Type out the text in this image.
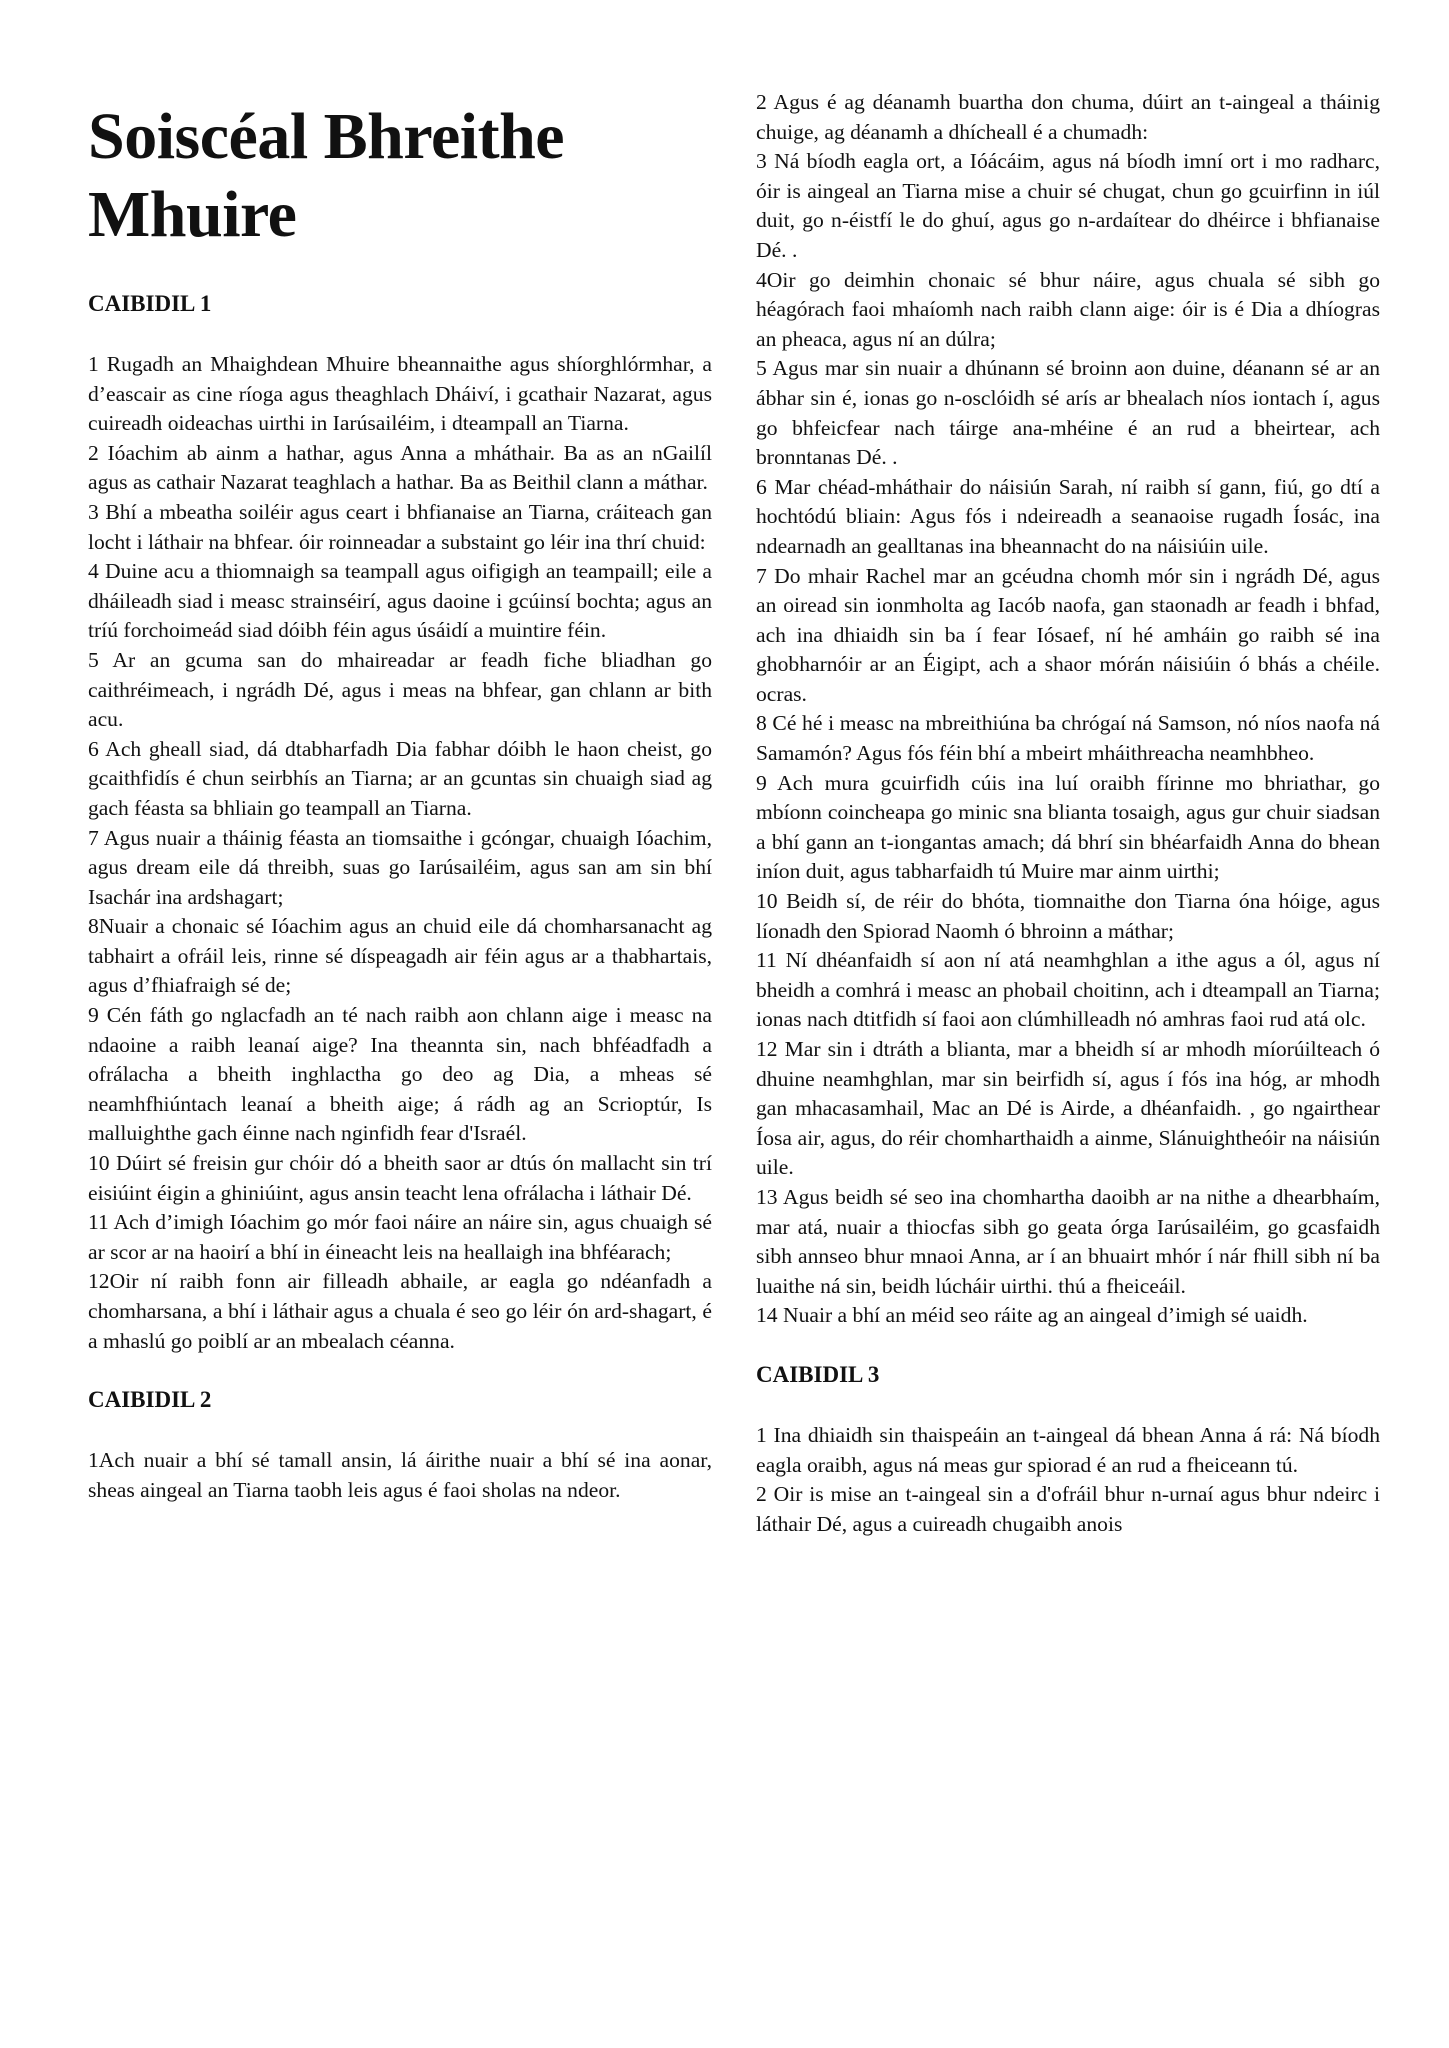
Soiscéal Bhreithe Mhuire
CAIBIDIL 1

1 Rugadh an Mhaighdean Mhuire bheannaithe agus shíorghlórmhar, a d’eascair as cine ríoga agus theaghlach Dháiví, i gcathair Nazarat, agus cuireadh oideachas uirthi in Iarúsailéim, i dteampall an Tiarna.

2 Ióachim ab ainm a hathar, agus Anna a mháthair. Ba as an nGailíl agus as cathair Nazarat teaghlach a hathar. Ba as Beithil clann a máthar.

3 Bhí a mbeatha soiléir agus ceart i bhfianaise an Tiarna, cráiteach gan locht i láthair na bhfear. óir roinneadar a substaint go léir ina thrí chuid:

4 Duine acu a thiomnaigh sa teampall agus oifigigh an teampaill; eile a dháileadh siad i measc strainséirí, agus daoine i gcúinsí bochta; agus an tríú forchoimeád siad dóibh féin agus úsáidí a muintire féin.

5 Ar an gcuma san do mhaireadar ar feadh fiche bliadhan go caithréimeach, i ngrádh Dé, agus i meas na bhfear, gan chlann ar bith acu.

6 Ach gheall siad, dá dtabharfadh Dia fabhar dóibh le haon cheist, go gcaithfidís é chun seirbhís an Tiarna; ar an gcuntas sin chuaigh siad ag gach féasta sa bhliain go teampall an Tiarna.

7 Agus nuair a tháinig féasta an tiomsaithe i gcóngar, chuaigh Ióachim, agus dream eile dá threibh, suas go Iarúsailéim, agus san am sin bhí Isachár ina ardshagart;

8Nuair a chonaic sé Ióachim agus an chuid eile dá chomharsanacht ag tabhairt a ofráil leis, rinne sé díspeagadh air féin agus ar a thabhartais, agus d’fhiafraigh sé de;

9 Cén fáth go nglacfadh an té nach raibh aon chlann aige i measc na ndaoine a raibh leanaí aige? Ina theannta sin, nach bhféadfadh a ofrálacha a bheith inghlactha go deo ag Dia, a mheas sé neamhfhiúntach leanaí a bheith aige; á rádh ag an Scrioptúr, Is malluighthe gach éinne nach nginfidh fear d'Israél.

10 Dúirt sé freisin gur chóir dó a bheith saor ar dtús ón mallacht sin trí eisiúint éigin a ghiniúint, agus ansin teacht lena ofrálacha i láthair Dé.

11 Ach d’imigh Ióachim go mór faoi náire an náire sin, agus chuaigh sé ar scor ar na haoirí a bhí in éineacht leis na heallaigh ina bhféarach;

12Oir ní raibh fonn air filleadh abhaile, ar eagla go ndéanfadh a chomharsana, a bhí i láthair agus a chuala é seo go léir ón ard-shagart, é a mhaslú go poiblí ar an mbealach céanna.

CAIBIDIL 2

1Ach nuair a bhí sé tamall ansin, lá áirithe nuair a bhí sé ina aonar, sheas aingeal an Tiarna taobh leis agus é faoi sholas na ndeor.

2 Agus é ag déanamh buartha don chuma, dúirt an t-aingeal a tháinig chuige, ag déanamh a dhícheall é a chumadh:

3 Ná bíodh eagla ort, a Ióácáim, agus ná bíodh imní ort i mo radharc, óir is aingeal an Tiarna mise a chuir sé chugat, chun go gcuirfinn in iúl duit, go n-éistfí le do ghuí, agus go n-ardaítear do dhéirce i bhfianaise Dé. .

4Oir go deimhin chonaic sé bhur náire, agus chuala sé sibh go héagórach faoi mhaíomh nach raibh clann aige: óir is é Dia a dhíogras an pheaca, agus ní an dúlra;

5 Agus mar sin nuair a dhúnann sé broinn aon duine, déanann sé ar an ábhar sin é, ionas go n-osclóidh sé arís ar bhealach níos iontach í, agus go bhfeicfear nach táirge ana-mhéine é an rud a bheirtear, ach bronntanas Dé. .

6 Mar chéad-mháthair do náisiún Sarah, ní raibh sí gann, fiú, go dtí a hochtódú bliain: Agus fós i ndeireadh a seanaoise rugadh Íosác, ina ndearnadh an gealltanas ina bheannacht do na náisiúin uile.

7 Do mhair Rachel mar an gcéudna chomh mór sin i ngrádh Dé, agus an oiread sin ionmholta ag Iacób naofa, gan staonadh ar feadh i bhfad, ach ina dhiaidh sin ba í fear Iósaef, ní hé amháin go raibh sé ina ghobharnóir ar an Éigipt, ach a shaor mórán náisiúin ó bhás a chéile. ocras.

8 Cé hé i measc na mbreithiúna ba chrógaí ná Samson, nó níos naofa ná Samamón? Agus fós féin bhí a mbeirt mháithreacha neamhbheo.

9 Ach mura gcuirfidh cúis ina luí oraibh fírinne mo bhriathar, go mbíonn coincheapa go minic sna blianta tosaigh, agus gur chuir siadsan a bhí gann an t-iongantas amach; dá bhrí sin bhéarfaidh Anna do bhean iníon duit, agus tabharfaidh tú Muire mar ainm uirthi;

10 Beidh sí, de réir do bhóta, tiomnaithe don Tiarna óna hóige, agus líonadh den Spiorad Naomh ó bhroinn a máthar;

11 Ní dhéanfaidh sí aon ní atá neamhghlan a ithe agus a ól, agus ní bheidh a comhrá i measc an phobail choitinn, ach i dteampall an Tiarna; ionas nach dtitfidh sí faoi aon clúmhilleadh nó amhras faoi rud atá olc.

12 Mar sin i dtráth a blianta, mar a bheidh sí ar mhodh míorúilteach ó dhuine neamhghlan, mar sin beirfidh sí, agus í fós ina hóg, ar mhodh gan mhacasamhail, Mac an Dé is Airde, a dhéanfaidh. , go ngairthear Íosa air, agus, do réir chomharthaidh a ainme, Slánuightheóir na náisiún uile.

13 Agus beidh sé seo ina chomhartha daoibh ar na nithe a dhearbhaím, mar atá, nuair a thiocfas sibh go geata órga Iarúsailéim, go gcasfaidh sibh annseo bhur mnaoi Anna, ar í an bhuairt mhór í nár fhill sibh ní ba luaithe ná sin, beidh lúcháir uirthi. thú a fheiceáil.

14 Nuair a bhí an méid seo ráite ag an aingeal d’imigh sé uaidh.

CAIBIDIL 3

1 Ina dhiaidh sin thaispeáin an t-aingeal dá bhean Anna á rá: Ná bíodh eagla oraibh, agus ná meas gur spiorad é an rud a fheiceann tú.

2 Oir is mise an t-aingeal sin a d'ofráil bhur n-urnaí agus bhur ndeirc i láthair Dé, agus a cuireadh chugaibh anois
